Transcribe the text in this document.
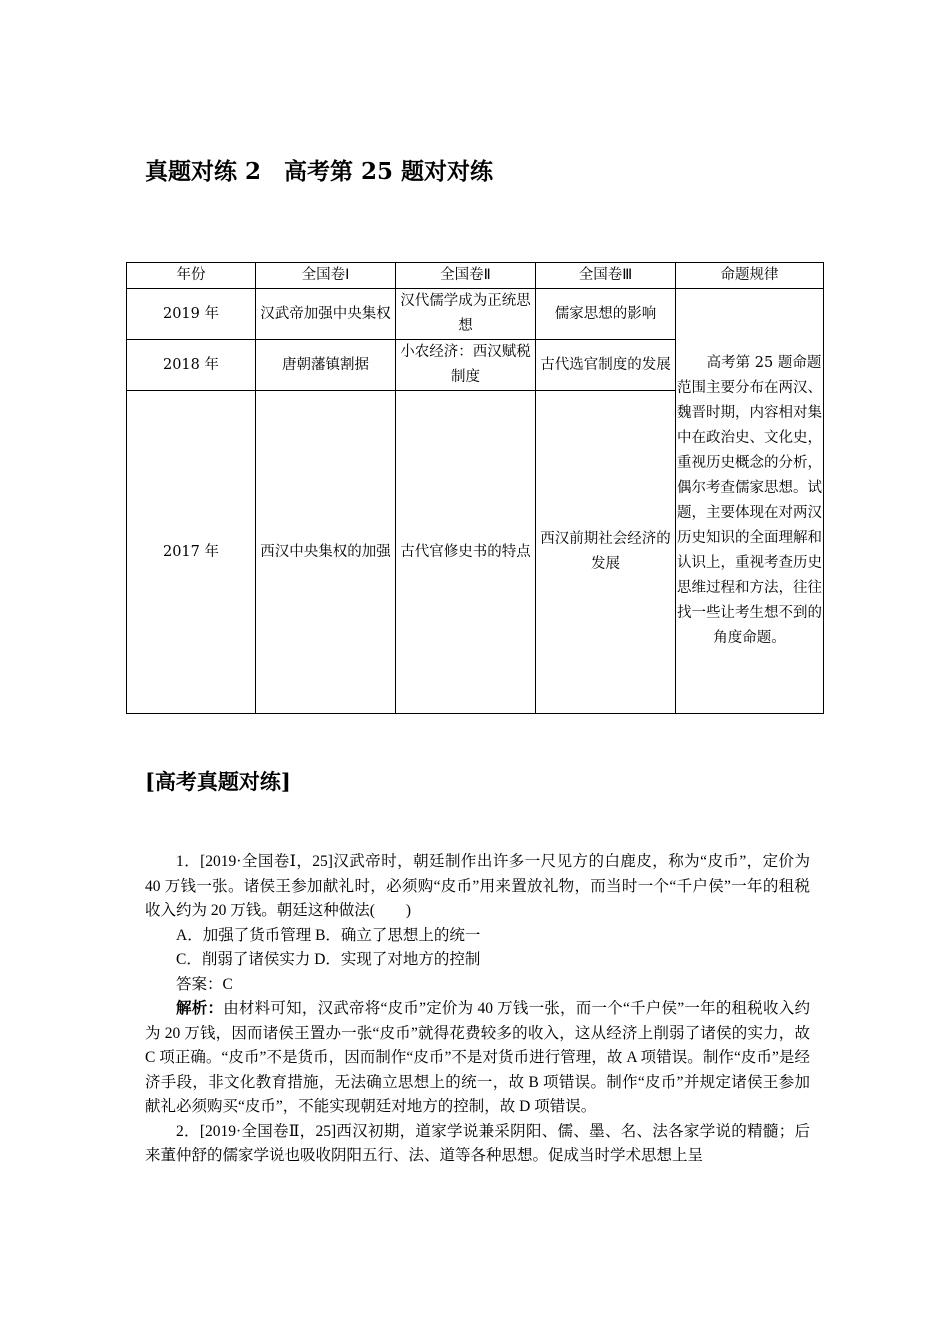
真题对练 2　高考第 25 题对对练
年份	全国卷Ⅰ	全国卷Ⅱ	全国卷Ⅲ	命题规律
2019 年	汉武帝加强中央集权	汉代儒学成为正统思想	儒家思想的影响	　　高考第 25 题命题范围主要分布在两汉、魏晋时期，内容相对集中在政治史、文化史，重视历史概念的分析，偶尔考查儒家思想。试题，主要体现在对两汉历史知识的全面理解和认识上，重视考查历史思维过程和方法，往往找一些让考生想不到的角度命题。
2018 年	唐朝藩镇割据	小农经济：西汉赋税制度	古代选官制度的发展	
2017 年	西汉中央集权的加强	古代官修史书的特点	西汉前期社会经济的发展	
[高考真题对练]

1．[2019·全国卷Ⅰ，25]汉武帝时，朝廷制作出许多一尺见方的白鹿皮，称为“皮币”，定价为 40 万钱一张。诸侯王参加献礼时，必须购“皮币”用来置放礼物，而当时一个“千户侯”一年的租税收入约为 20 万钱。朝廷这种做法(　　)

A．加强了货币管理 B．确立了思想上的统一

C．削弱了诸侯实力 D．实现了对地方的控制

答案：C

解析：由材料可知，汉武帝将“皮币”定价为 40 万钱一张，而一个“千户侯”一年的租税收入约为 20 万钱，因而诸侯王置办一张“皮币”就得花费较多的收入，这从经济上削弱了诸侯的实力，故 C 项正确。“皮币”不是货币，因而制作“皮币”不是对货币进行管理，故 A 项错误。制作“皮币”是经济手段，非文化教育措施，无法确立思想上的统一，故 B 项错误。制作“皮币”并规定诸侯王参加献礼必须购买“皮币”，不能实现朝廷对地方的控制，故 D 项错误。

2．[2019·全国卷Ⅱ，25]西汉初期，道家学说兼采阴阳、儒、墨、名、法各家学说的精髓；后来董仲舒的儒家学说也吸收阴阳五行、法、道等各种思想。促成当时学术思想上呈
